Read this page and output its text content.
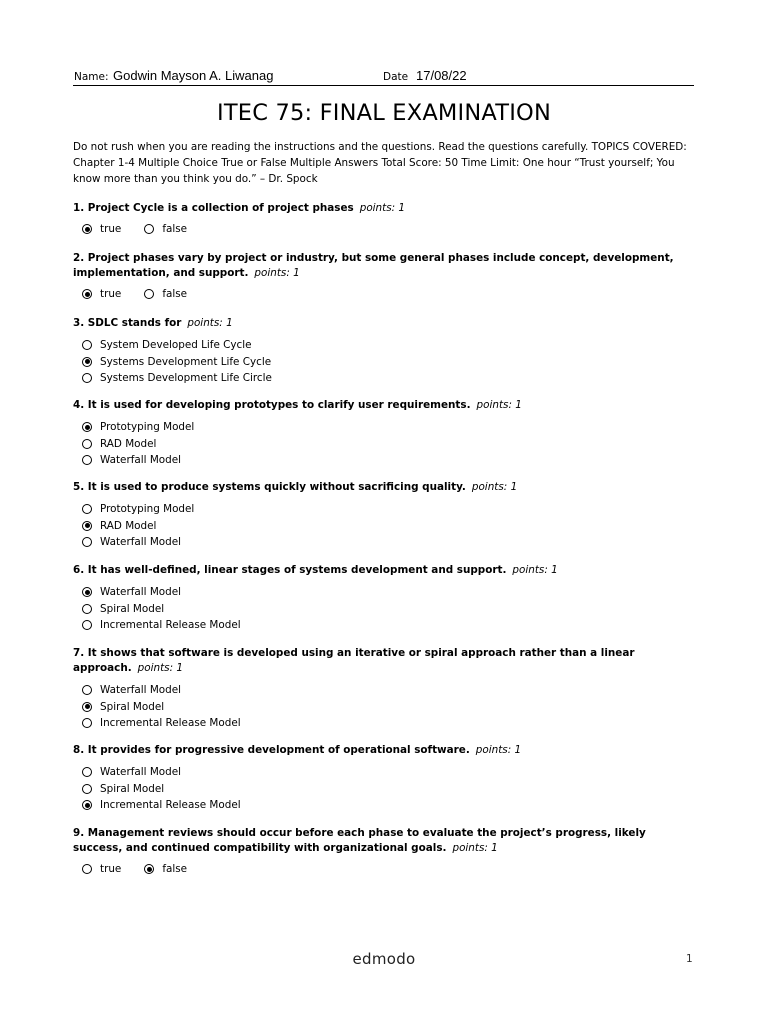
Name: Godwin Mayson A. Liwanag	Date 17/08/22
ITEC 75: FINAL EXAMINATION
Do not rush when you are reading the instructions and the questions. Read the questions carefully. TOPICS COVERED: Chapter 1-4 Multiple Choice True or False Multiple Answers Total Score: 50 Time Limit: One hour “Trust yourself; You know more than you think you do.” – Dr. Spock
1. Project Cycle is a collection of project phases points: 1
true	false
2. Project phases vary by project or industry, but some general phases include concept, development, implementation, and support. points: 1
true	false
3. SDLC stands for points: 1
System Developed Life Cycle
Systems Development Life Cycle
Systems Development Life Circle
4. It is used for developing prototypes to clarify user requirements. points: 1
Prototyping Model
RAD Model
Waterfall Model
5. It is used to produce systems quickly without sacrificing quality. points: 1
Prototyping Model
RAD Model
Waterfall Model
6. It has well-defined, linear stages of systems development and support. points: 1
Waterfall Model
Spiral Model
Incremental Release Model
7. It shows that software is developed using an iterative or spiral approach rather than a linear approach. points: 1
Waterfall Model
Spiral Model
Incremental Release Model
8. It provides for progressive development of operational software. points: 1
Waterfall Model
Spiral Model
Incremental Release Model
9. Management reviews should occur before each phase to evaluate the project’s progress, likely success, and continued compatibility with organizational goals. points: 1
true	false
edmodo	1
